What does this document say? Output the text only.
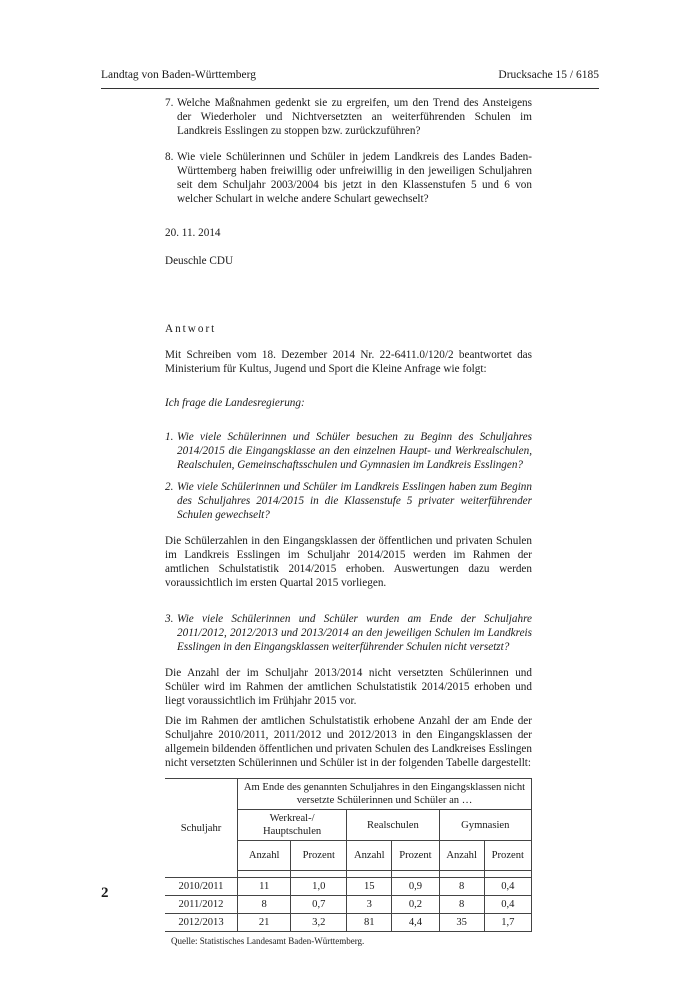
Landtag von Baden-Württemberg	Drucksache 15 / 6185
7. Welche Maßnahmen gedenkt sie zu ergreifen, um den Trend des Ansteigens der Wiederholer und Nichtversetzten an weiterführenden Schulen im Landkreis Esslingen zu stoppen bzw. zurückzuführen?
8. Wie viele Schülerinnen und Schüler in jedem Landkreis des Landes Baden-Württemberg haben freiwillig oder unfreiwillig in den jeweiligen Schuljahren seit dem Schuljahr 2003/2004 bis jetzt in den Klassenstufen 5 und 6 von welcher Schulart in welche andere Schulart gewechselt?

20. 11. 2014

Deuschle CDU

Antwort

Mit Schreiben vom 18. Dezember 2014 Nr. 22-6411.0/120/2 beantwortet das Ministerium für Kultus, Jugend und Sport die Kleine Anfrage wie folgt:

Ich frage die Landesregierung:

1. Wie viele Schülerinnen und Schüler besuchen zu Beginn des Schuljahres 2014/2015 die Eingangsklasse an den einzelnen Haupt- und Werkrealschulen, Realschulen, Gemeinschaftsschulen und Gymnasien im Landkreis Esslingen?
2. Wie viele Schülerinnen und Schüler im Landkreis Esslingen haben zum Beginn des Schuljahres 2014/2015 in die Klassenstufe 5 privater weiterführender Schulen gewechselt?

Die Schülerzahlen in den Eingangsklassen der öffentlichen und privaten Schulen im Landkreis Esslingen im Schuljahr 2014/2015 werden im Rahmen der amtlichen Schulstatistik 2014/2015 erhoben. Auswertungen dazu werden voraussichtlich im ersten Quartal 2015 vorliegen.

3. Wie viele Schülerinnen und Schüler wurden am Ende der Schuljahre 2011/2012, 2012/2013 und 2013/2014 an den jeweiligen Schulen im Landkreis Esslingen in den Eingangsklassen weiterführender Schulen nicht versetzt?

Die Anzahl der im Schuljahr 2013/2014 nicht versetzten Schülerinnen und Schüler wird im Rahmen der amtlichen Schulstatistik 2014/2015 erhoben und liegt voraussichtlich im Frühjahr 2015 vor.

Die im Rahmen der amtlichen Schulstatistik erhobene Anzahl der am Ende der Schuljahre 2010/2011, 2011/2012 und 2012/2013 in den Eingangsklassen der allgemein bildenden öffentlichen und privaten Schulen des Landkreises Esslingen nicht versetzten Schülerinnen und Schüler ist in der folgenden Tabelle dargestellt:

Schuljahr	Am Ende des genannten Schuljahres in den Eingangsklassen nicht versetzte Schülerinnen und Schüler an …					
	Werkreal-/ Hauptschulen		Realschulen		Gymnasien	
	Anzahl	Prozent	Anzahl	Prozent	Anzahl	Prozent

2010/2011	11	1,0	15	0,9	8	0,4
2011/2012	8	0,7	3	0,2	8	0,4
2012/2013	21	3,2	81	4,4	35	1,7
Quelle: Statistisches Landesamt Baden-Württemberg.
2
